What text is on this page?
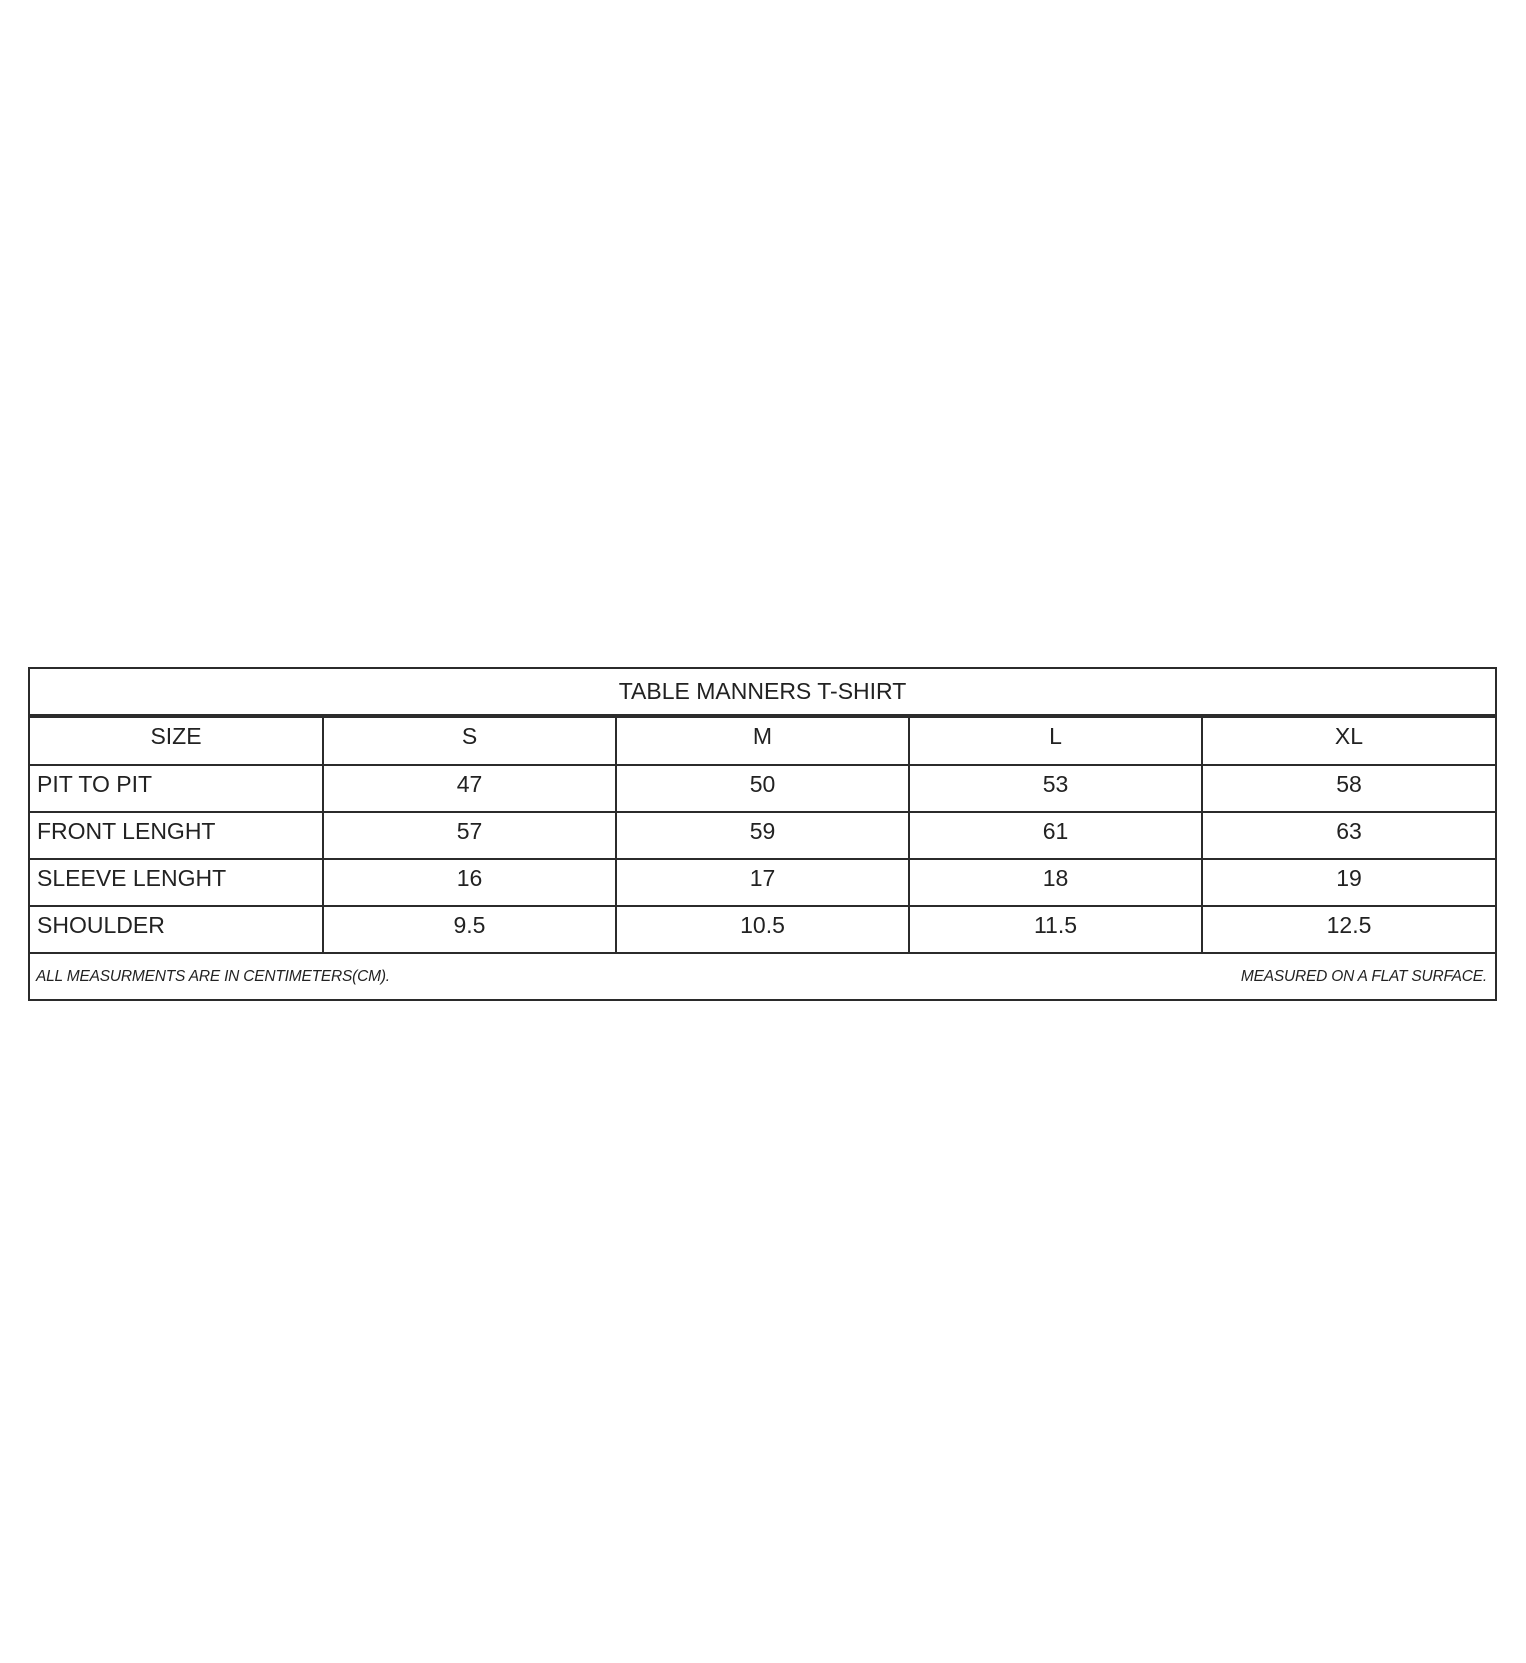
TABLE MANNERS T-SHIRT
SIZE	S	M	L	XL
PIT TO PIT	47	50	53	58
FRONT LENGHT	57	59	61	63
SLEEVE LENGHT	16	17	18	19
SHOULDER	9.5	10.5	11.5	12.5
ALL MEASURMENTS ARE IN CENTIMETERS(CM).	MEASURED ON A FLAT SURFACE.
